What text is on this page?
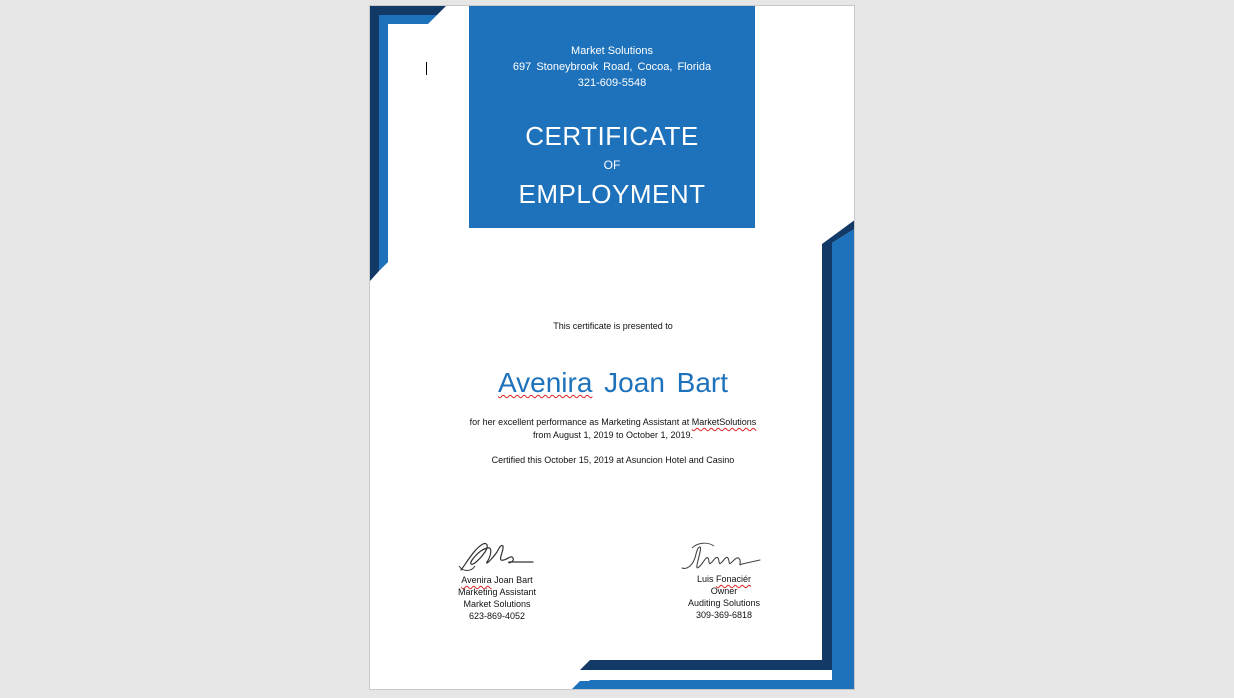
Market Solutions
697 Stoneybrook Road, Cocoa, Florida
321-609-5548
CERTIFICATE
OF
EMPLOYMENT
This certificate is presented to
Avenira Joan Bart
for her excellent performance as Marketing Assistant at MarketSolutions
from August 1, 2019 to October 1, 2019.
Certified this October 15, 2019 at Asuncion Hotel and Casino
Avenira Joan Bart
Marketing Assistant
Market Solutions
623-869-4052
Luis Fonaciér
Owner
Auditing Solutions
309-369-6818
